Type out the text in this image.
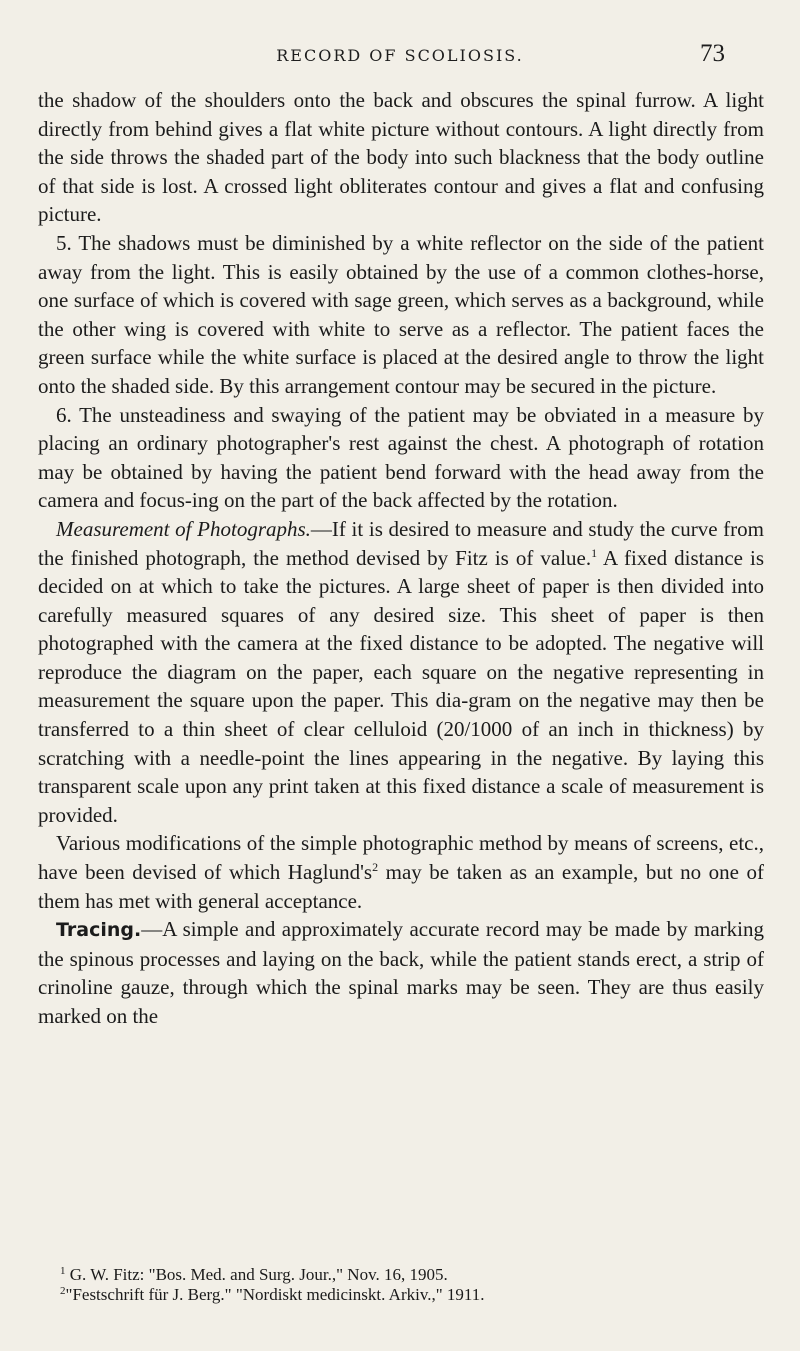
RECORD OF SCOLIOSIS.	73

the shadow of the shoulders onto the back and obscures the spinal furrow. A light directly from behind gives a flat white picture without contours. A light directly from the side throws the shaded part of the body into such blackness that the body outline of that side is lost. A crossed light obliterates contour and gives a flat and confusing picture.

5. The shadows must be diminished by a white reflector on the side of the patient away from the light. This is easily obtained by the use of a common clothes-horse, one surface of which is covered with sage green, which serves as a background, while the other wing is covered with white to serve as a reflector. The patient faces the green surface while the white surface is placed at the desired angle to throw the light onto the shaded side. By this arrangement contour may be secured in the picture.

6. The unsteadiness and swaying of the patient may be obviated in a measure by placing an ordinary photographer's rest against the chest. A photograph of rotation may be obtained by having the patient bend forward with the head away from the camera and focus-ing on the part of the back affected by the rotation.

Measurement of Photographs.—If it is desired to measure and study the curve from the finished photograph, the method devised by Fitz is of value.$^1$ A fixed distance is decided on at which to take the pictures. A large sheet of paper is then divided into carefully measured squares of any desired size. This sheet of paper is then photographed with the camera at the fixed distance to be adopted. The negative will reproduce the diagram on the paper, each square on the negative representing in measurement the square upon the paper. This dia-gram on the negative may then be transferred to a thin sheet of clear celluloid (20/1000 of an inch in thickness) by scratching with a needle-point the lines appearing in the negative. By laying this transparent scale upon any print taken at this fixed distance a scale of measurement is provided.

Various modifications of the simple photographic method by means of screens, etc., have been devised of which $Haglund's^2$ may be taken as an example, but no one of them has met with general acceptance.

Tracing.—A simple and approximately accurate record may be made by marking the spinous processes and laying on the back, while the patient stands erect, a strip of crinoline gauze, through which the spinal marks may be seen. They are thus easily marked on the

$^1$ G. W. Fitz: "Bos. Med. and Surg. Jour.," Nov. 16, 1905.
$^2$"Festschrift für J. Berg." "Nordiskt medicinskt. Arkiv.," 1911.
